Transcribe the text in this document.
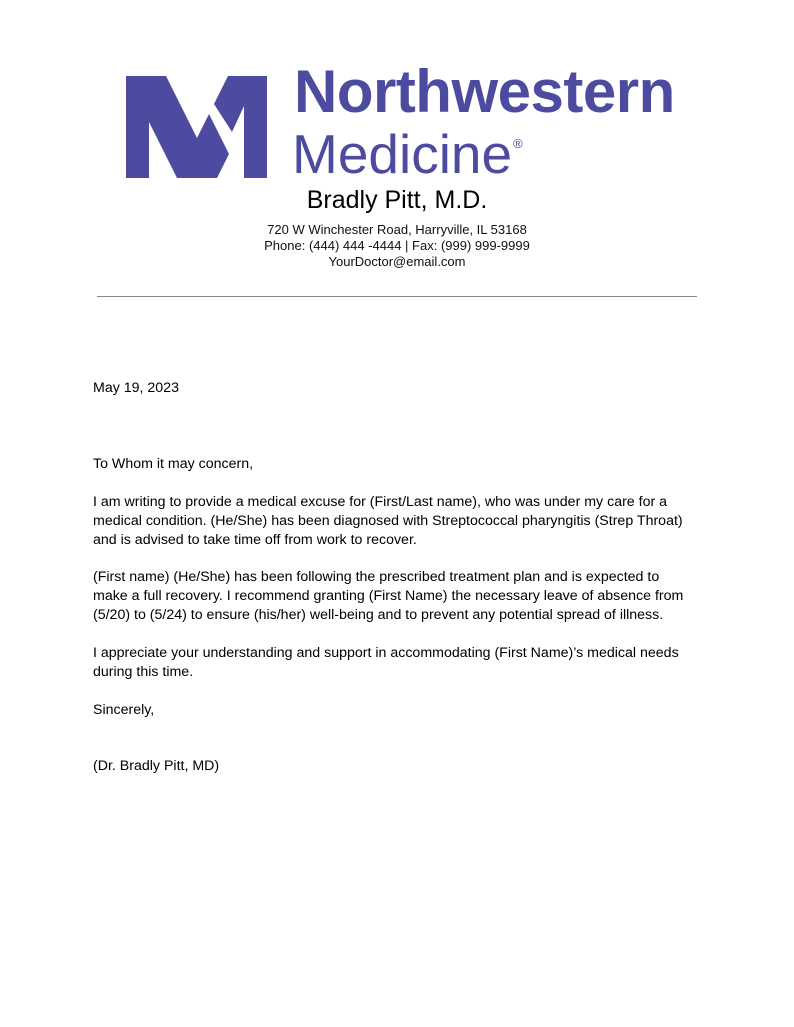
Northwestern
Medicine®
Bradly Pitt, M.D.
720 W Winchester Road, Harryville, IL 53168
Phone: (444) 444 -4444 | Fax: (999) 999-9999
YourDoctor@email.com
May 19, 2023
To Whom it may concern,
I am writing to provide a medical excuse for (First/Last name), who was under my care for a
medical condition. (He/She) has been diagnosed with Streptococcal pharyngitis (Strep Throat)
and is advised to take time off from work to recover.
(First name) (He/She) has been following the prescribed treatment plan and is expected to
make a full recovery. I recommend granting (First Name) the necessary leave of absence from
(5/20) to (5/24) to ensure (his/her) well-being and to prevent any potential spread of illness.
I appreciate your understanding and support in accommodating (First Name)’s medical needs
during this time.
Sincerely,
(Dr. Bradly Pitt, MD)
